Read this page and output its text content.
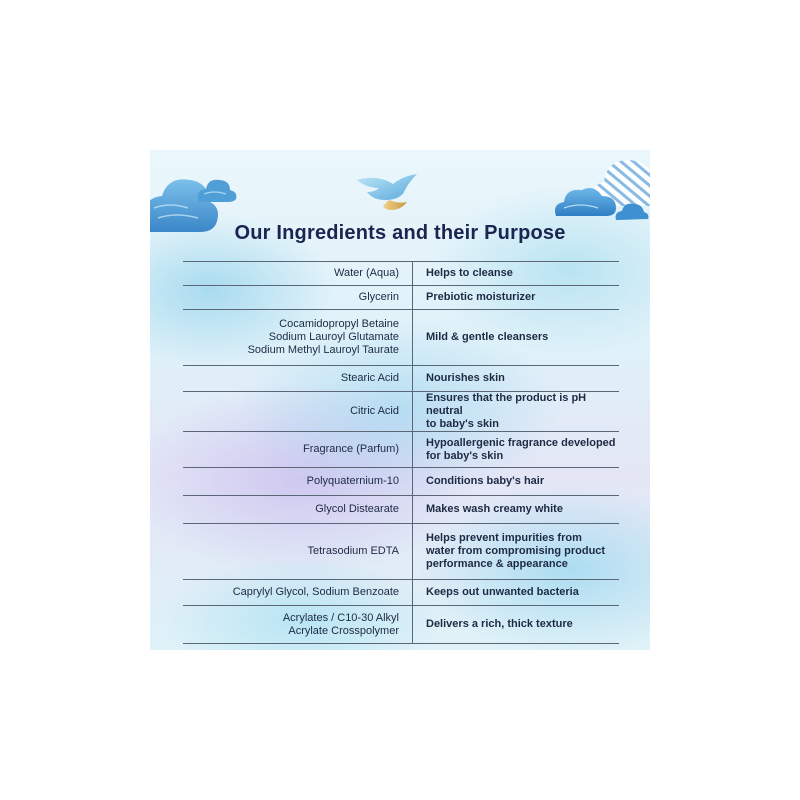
Our Ingredients and their Purpose
Water (Aqua)	Helps to cleanse

Glycerin	Prebiotic moisturizer

Cocamidopropyl Betaine
Sodium Lauroyl Glutamate
Sodium Methyl Lauroyl Taurate	Mild & gentle cleansers

Stearic Acid	Nourishes skin

Citric Acid	Ensures that the product is pH neutral
to baby's skin

Fragrance (Parfum)	Hypoallergenic fragrance developed
for baby's skin

Polyquaternium-10	Conditions baby's hair

Glycol Distearate	Makes wash creamy white

Tetrasodium EDTA	Helps prevent impurities from
water from compromising product
performance & appearance

Caprylyl Glycol, Sodium Benzoate	Keeps out unwanted bacteria

Acrylates / C10-30 Alkyl
Acrylate Crosspolymer	Delivers a rich, thick texture
